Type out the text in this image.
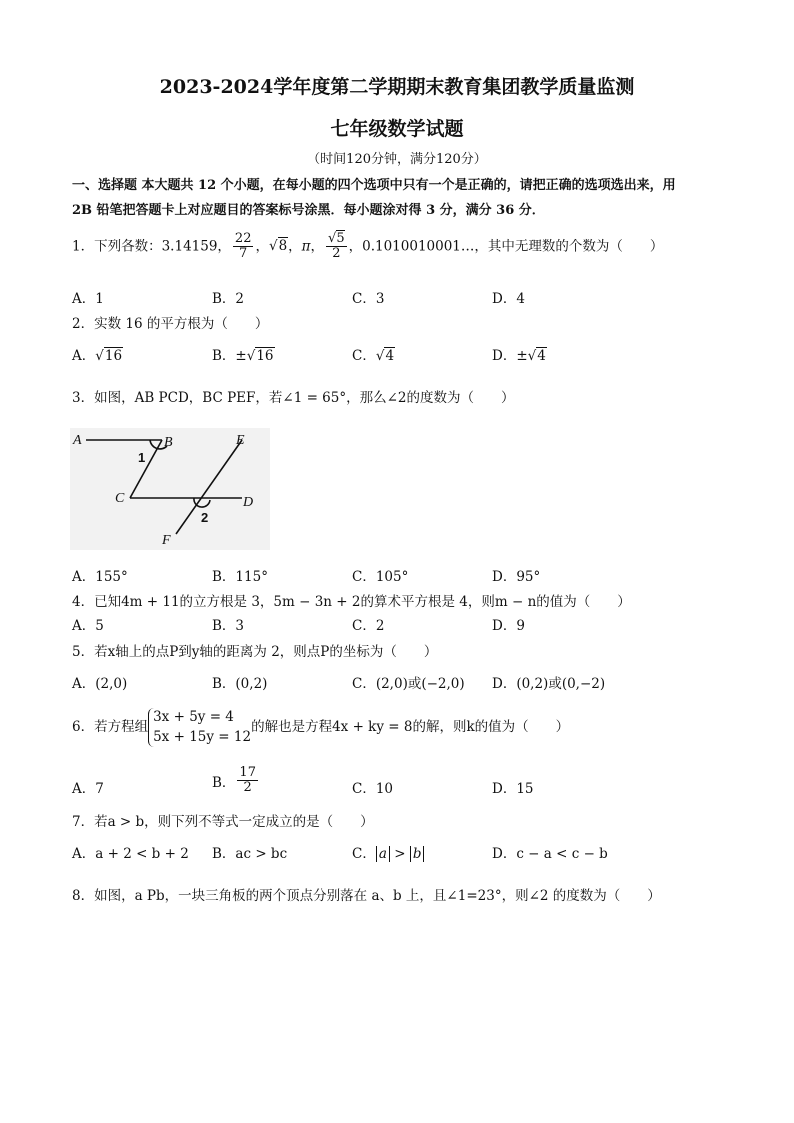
2023-2024学年度第二学期期末教育集团教学质量监测
七年级数学试题
（时间120分钟，满分120分）
一、选择题 本大题共 12 个小题，在每小题的四个选项中只有一个是正确的，请把正确的选项选出来，用
2B 铅笔把答题卡上对应题目的答案标号涂黑．每小题涂对得 3 分，满分 36 分．
1．下列各数：3.14159， $\frac{22}{7}$ ，√8，π， $\frac{√5}{2}$ ，0.1010010001…，其中无理数的个数为（　　）
A．1	B．2	C．3	D．4
2．实数 16 的平方根为（　　）
A．√16	B．±√16	C．√4	D．±√4
3．如图，AB PCD，BC PEF，若∠1 = 65°，那么∠2的度数为（　　）
A	B
C	D
E
F
1
2
A．155°	B．115°	C．105°	D．95°
4．已知4m + 11的立方根是 3，5m − 3n + 2的算术平方根是 4，则m − n的值为（　　）
A．5	B．3	C．2	D．9
5．若x轴上的点P到y轴的距离为 2，则点P的坐标为（　　）
A．(2,0)	B．(0,2)	C．(2,0)或(−2,0) D．(0,2)或(0,−2)
6．若方程组
3x + 5y = 4
5x + 15y = 12
的解也是方程4x + ky = 8的解，则k的值为（　　）
A．7	B． $\frac{17}{2}$	C．10	D．15
7．若a > b，则下列不等式一定成立的是（　　）
A．a + 2 < b + 2 B．ac > bc	C． a > b	D．c − a < c − b
8．如图，a Pb，一块三角板的两个顶点分别落在 a、b 上，且∠1=23°，则∠2 的度数为（　　）
